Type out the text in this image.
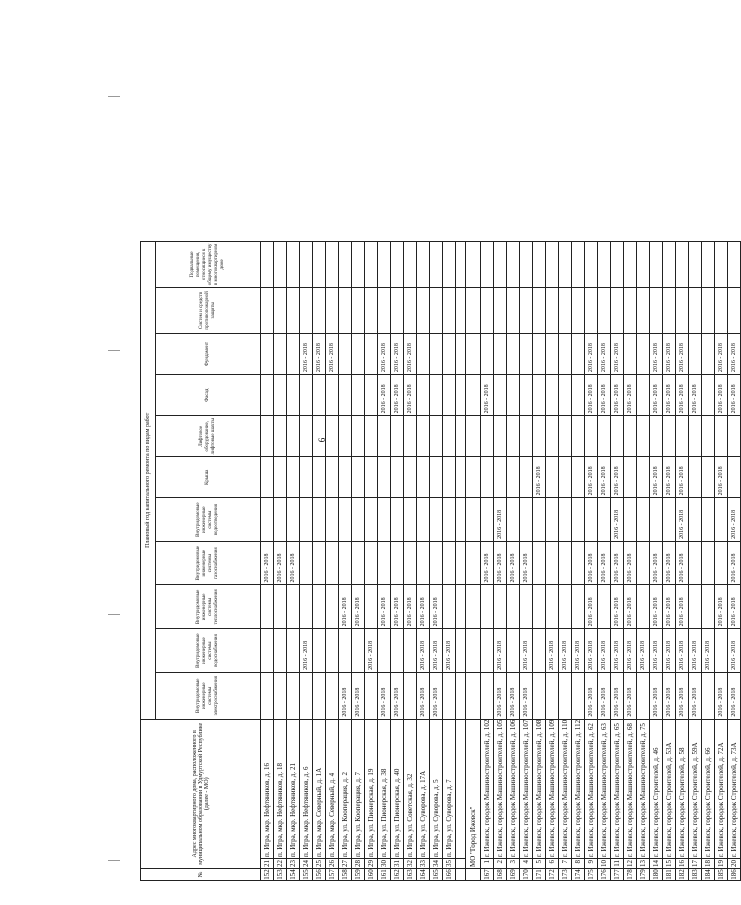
6
№	Адрес многоквартирного дома, расположенного в муниципальном образовании в Удмуртской Республике (далее - МО)		Плановый год капитального ремонта по видам работ										
			Внутридомовые инженерные системы электроснабжения	Внутридомовые инженерные системы водоснабжения	Внутридомовые инженерные системы теплоснабжения	Внутридомовые инженерные системы газоснабжения	Внутридомовые инженерные системы водоотведения	Крыша	Лифтовое оборудование, лифтовые шахты	Фасад	Фундамент	Систем и средств противопожарной защиты	Подвальные помещения, относящиеся к общему имуществу в многоквартирном доме
152	21	п. Игра, мкр. Нефтяников, д. 16				2016 - 2018							
153	22	п. Игра, мкр. Нефтяников, д. 18				2016 - 2018							
154	23	п. Игра, мкр. Нефтяников, д. 21				2016 - 2018							
155	24	п. Игра, мкр. Нефтяников, д. 6		2016 - 2018							2016 - 2018		
156	25	п. Игра, мкр. Северный, д. 1А									2016 - 2018		
157	26	п. Игра, мкр. Северный, д. 4									2016 - 2018		
158	27	п. Игра, ул. Кооперация, д. 2	2016 - 2018		2016 - 2018								
159	28	п. Игра, ул. Кооперация, д. 7	2016 - 2018		2016 - 2018								
160	29	п. Игра, ул. Пионерская, д. 19		2016 - 2018									
161	30	п. Игра, ул. Пионерская, д. 38	2016 - 2018		2016 - 2018					2016 - 2018	2016 - 2018		
162	31	п. Игра, ул. Пионерская, д. 40	2016 - 2018		2016 - 2018					2016 - 2018	2016 - 2018		
163	32	п. Игра, ул. Советская, д. 32			2016 - 2018					2016 - 2018	2016 - 2018		
164	33	п. Игра, ул. Суворова, д. 17А	2016 - 2018	2016 - 2018	2016 - 2018								
165	34	п. Игра, ул. Суворова, д. 5	2016 - 2018	2016 - 2018	2016 - 2018								
166	35	п. Игра, ул. Суворова, д. 7		2016 - 2018									

	МО "Город Ижевск"												
167	1	г. Ижевск, городок Машиностроителей, д. 102				2016 - 2018				2016 - 2018			
168	2	г. Ижевск, городок Машиностроителей, д. 105	2016 - 2018	2016 - 2018		2016 - 2018	2016 - 2018						
169	3	г. Ижевск, городок Машиностроителей, д. 106	2016 - 2018			2016 - 2018							
170	4	г. Ижевск, городок Машиностроителей, д. 107	2016 - 2018	2016 - 2018		2016 - 2018							
171	5	г. Ижевск, городок Машиностроителей, д. 108						2016 - 2018					
172	6	г. Ижевск, городок Машиностроителей, д. 109		2016 - 2018									
173	7	г. Ижевск, городок Машиностроителей, д. 110		2016 - 2018									
174	8	г. Ижевск, городок Машиностроителей, д. 112		2016 - 2018									
175	9	г. Ижевск, городок Машиностроителей, д. 62	2016 - 2018	2016 - 2018	2016 - 2018	2016 - 2018		2016 - 2018		2016 - 2018	2016 - 2018		
176	10	г. Ижевск, городок Машиностроителей, д. 63	2016 - 2018	2016 - 2018		2016 - 2018		2016 - 2018		2016 - 2018	2016 - 2018		
177	11	г. Ижевск, городок Машиностроителей, д. 65	2016 - 2018	2016 - 2018	2016 - 2018	2016 - 2018	2016 - 2018	2016 - 2018		2016 - 2018	2016 - 2018		
178	12	г. Ижевск, городок Машиностроителей, д. 68	2016 - 2018	2016 - 2018	2016 - 2018	2016 - 2018				2016 - 2018			
179	13	г. Ижевск, городок Машиностроителей, д. 75		2016 - 2018									
180	14	г. Ижевск, городок Строителей, д. 46	2016 - 2018	2016 - 2018	2016 - 2018	2016 - 2018		2016 - 2018		2016 - 2018	2016 - 2018		
181	15	г. Ижевск, городок Строителей, д. 53А	2016 - 2018	2016 - 2018	2016 - 2018	2016 - 2018		2016 - 2018		2016 - 2018	2016 - 2018		
182	16	г. Ижевск, городок Строителей, д. 58	2016 - 2018	2016 - 2018	2016 - 2018	2016 - 2018	2016 - 2018	2016 - 2018		2016 - 2018	2016 - 2018		
183	17	г. Ижевск, городок Строителей, д. 59А	2016 - 2018	2016 - 2018						2016 - 2018			
184	18	г. Ижевск, городок Строителей, д. 66		2016 - 2018									
185	19	г. Ижевск, городок Строителей, д. 72А	2016 - 2018		2016 - 2018			2016 - 2018		2016 - 2018	2016 - 2018		
186	20	г. Ижевск, городок Строителей, д. 73А	2016 - 2018	2016 - 2018	2016 - 2018	2016 - 2018	2016 - 2018			2016 - 2018	2016 - 2018		
